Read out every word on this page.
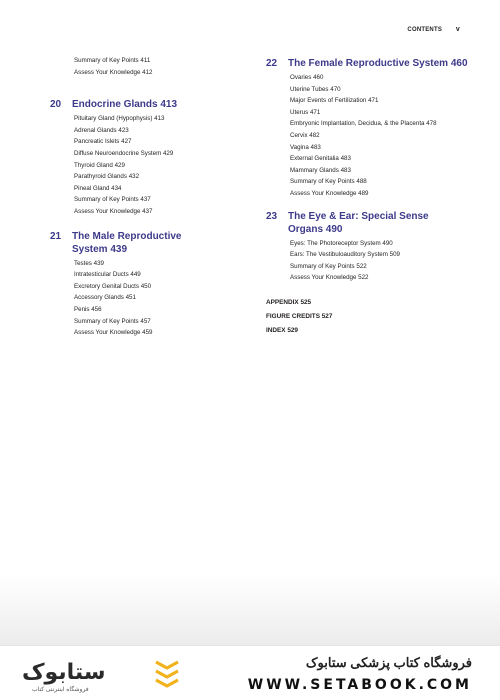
CONTENTS v
Summary of Key Points 411
Assess Your Knowledge 412
20	Endocrine Glands 413
Pituitary Gland (Hypophysis) 413
Adrenal Glands 423
Pancreatic Islets 427
Diffuse Neuroendocrine System 429
Thyroid Gland 429
Parathyroid Glands 432
Pineal Gland 434
Summary of Key Points 437
Assess Your Knowledge 437
21	The Male Reproductive
System 439
Testes 439
Intratesticular Ducts 449
Excretory Genital Ducts 450
Accessory Glands 451
Penis 456
Summary of Key Points 457
Assess Your Knowledge 459
22	The Female Reproductive System 460
Ovaries 460
Uterine Tubes 470
Major Events of Fertilization 471
Uterus 471
Embryonic Implantation, Decidua, & the Placenta 478
Cervix 482
Vagina 483
External Genitalia 483
Mammary Glands 483
Summary of Key Points 488
Assess Your Knowledge 489
23	The Eye & Ear: Special Sense
Organs 490
Eyes: The Photoreceptor System 490
Ears: The Vestibuloauditory System 509
Summary of Key Points 522
Assess Your Knowledge 522
APPENDIX 525
FIGURE CREDITS 527
INDEX 529
ستابوک
فروشگاه اینترنتی کتاب
فروشگاه کتاب پزشکی ستابوک
WWW.SETABOOK.COM
